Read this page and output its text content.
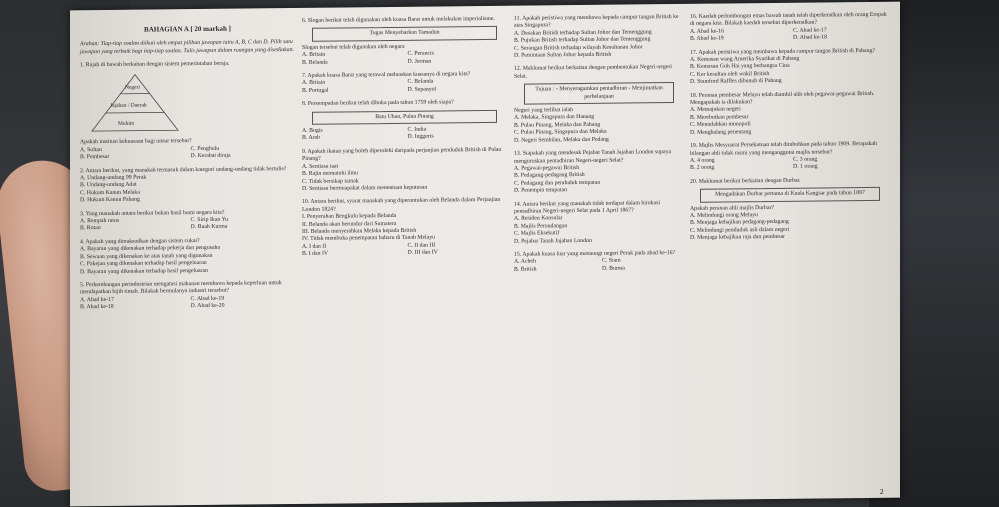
BAHAGIAN A [ 20 markah ]

Arahan: Tiap-tiap soalan diikuti oleh empat pilihan jawapan iaitu A, B, C dan D. Pilih satu jawapan yang terbaik bagi tiap-tiap soalan. Tulis jawapan dalam ruangan yang disediakan.

1. Rajah di bawah berkaitan dengan sistem pemerintahan beraja.

Negeri
Jajahan / Daerah
Mukim

Apakah institusi kekuasaan bagi unsur tersebut?

A. Sultan	C. Penghulu
B. Pembesar	D. Kerabat diraja

2. Antara berikut, yang manakah termasuk dalam kategori undang-undang tidak bertulis?

A. Undang-undang 99 Perak

B. Undang-undang Adat

C. Hukum Kanun Melaka

D. Hukum Kanun Pahang

3. Yang manakah antara berikut bukan hasil bumi negara kita?

A. Rempah ratus	C. Sirip Ikan Yu
B. Rotan	D. Buah Kurma

4. Apakah yang dimaksudkan dengan sistem cukai?

A. Bayaran yang dikenakan terhadap pekerja dan pengusaha

B. Sewaan yang dikenakan ke atas tanah yang digunakan

C. Pakejan yang dikenakan terhadap hasil pengeluaran

D. Bayaran yang dikenakan terhadap hasil pengeluaran

5. Perkembangan perindustrian mengatasi makanan membawa kepada keperluan untuk mendapatkan bijih timah. Bilakah bermulanya industri tersebut?

A. Abad ke-17	C. Abad ke-19
B. Abad ke-18	D. Abad ke-20

6. Slogan berikut telah digunakan oleh kuasa Barat untuk melakukan imperialisme.

Tugas Menyebarkan Tamadun

Slogan tersebut telah digunakan oleh negara

A. Britain	C. Perancis
B. Belanda	D. Jerman

7. Apakah kuasa Barat yang terawal meluaskan kuasanya di negara kita?

A. Britain	C. Belanda
B. Portugal	D. Sepanyol

8. Persempadan berikut telah dibuka pada tahun 1759 oleh siapa?

Batu Uban, Pulau Pinang
A. Bugis	C. India
B. Arab	D. Inggeris

9. Apakah ikatan yang boleh diperolehi daripada perjanjian penduduk British di Pulau Pinang?

A. Sentiasa taat

B. Rajin mematuhi ilmu

C. Tidak bersikap tamak

D. Sentiasa bermuapakat dalam menentuan keputusan

10. Antara berikut, syarat manakah yang diperuntukan oleh Belanda dalam Perjanjian London 1824?

I. Penyerahan Bengkulu kepada Belanda

II. Belanda akan berundur dari Sumatera

III. Belanda menyerahkan Melaka kepada British

IV. Tidak membuka penempatan baharu di Tanah Melayu

A. I dan II	C. II dan III
B. I dan IV	D. III dan IV

11. Apakah peristiwa yang membawa kepada campur tangan British ke atas Singapura?

A. Desakan British terhadap Sultan Johor dan Temenggung

B. Pujukan British terhadap Sultan Johor dan Temenggung

C. Serangan British terhadap wilayah Kesultanan Johor

D. Pemintaan Sultan Johor kepada British

12. Maklumat berikut berkaitan dengan pembentukan Negeri-negeri Selat.

Tujuan : - Menyeragamkan pentadbiran - Menjimatkan perbelanjaan

Negeri yang terlibat ialah

A. Melaka, Singapura dan Hanang

B. Pulau Pinang, Melaka dan Pahang

C. Pulau Pinang, Singapura dan Melaka

D. Negeri Sembilan, Melaka dan Pedang

13. Siapakah yang mendesak Pejabat Tanah Jajahan London supaya menguruskan pentadbiran Negeri-negeri Selat?

A. Pegawai-pegawai British

B. Pedagang-pedagang British

C. Pedagang dan penduduk tempatan

D. Penempin tempatan

14. Antara berikut yang manakah tidak terdapat dalam birokasi pentadbiran Negeri-negeri Selat pada 1 April 1867?

A. Residen Konsular

B. Majlis Perundangan

C. Majlis Eksekutif

D. Pejabat Tanah Jajahan London

15. Apakah kuasa luar yang menaungi negeri Perak pada abad ke-16?

A. Acheh	C. Siam
B. British	D. Burma

16. Kaedah perlombongan emas bawah tanah telah diperkenalkan oleh orang Eropah di negara kita. Bilakah kaedah tersebut diperkenalkan?

A. Abad ke-16	C. Abad ke-17
B. Abad ke-19	D. Abad ke-18

17. Apakah peristiwa yang membawa kepada campur tangan British di Pahang?

A. Kemasan wang Amerika Syarikat di Pahang

B. Kemasan Goh Hai yang berbangsa Cina

C. Ker kesultan oleh wakil British

D. Stamford Raffles dibunuh di Pahang

18. Peranan pembesar Melayu telah diambil alih oleh pegawai-pegawai British. Mengapakah ia dilakukan?

A. Memajukan negeri

B. Merebutkan pembesar

C. Menudahkan monopoli

D. Menghalang penentang

19. Majlis Mesyuarat Persekutuan telah ditubuhkan pada tahun 1909. Berapakah bilangan ahli tidak rasmi yang menganggotai majlis tersebut?

A. 4 orang	C. 3 orang
B. 2 orang	D. 1 orang

20. Maklumat berikut berkaitan dengan Durbar.

Mengadakan Durbar pertama di Kuala Kangsar pada tahun 1897

Apakah peranan ahli majlis Durbar?

A. Melindungi orang Melayu

B. Menjaga kebajikan pedagang-pedagang

C. Melindungi penduduk asli dalam negeri

D. Menjaga kebajikan raja dan pembesar

2
